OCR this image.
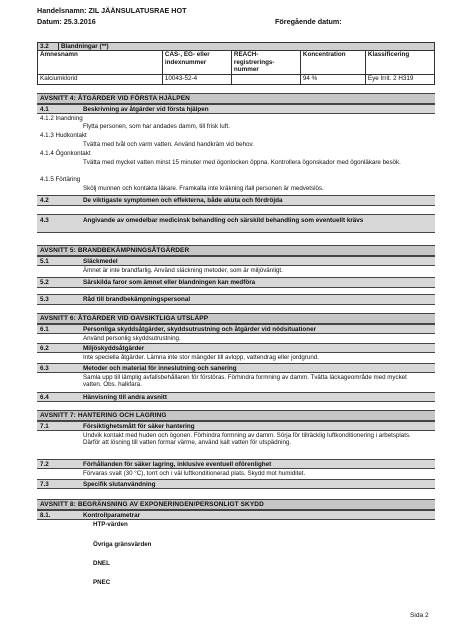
Handelsnamn: ZIL JÄÄNSULATUSRAE HOT
Datum: 25.3.2016	Föregående datum:
3.2	Blandningar (**)				
Ämnesnamn		CAS-, EG- eller indexnummer	REACH-registrerings-nummer	Koncentration	Klassificering
Kalciumklorid		10043-52-4		94 %	Eye Irrit. 2 H319
AVSNITT 4: ÅTGÄRDER VID FÖRSTA HJÄLPEN
4.1	Beskrivning av åtgärder vid första hjälpen
4.1.2 Inandning
Flytta personen, som har andades damm, till frisk luft.
4.1.3 Hudkontakt
Tvätta med tvål och varm vatten. Använd handkräm vid behov.
4.1.4 Ögonkontakt
Tvätta med mycket vatten minst 15 minuter med ögonlocken öppna. Kontrollera ögonskador med ögonläkare besök.
4.1.5 Förtäring
Skölj munnen och kontakta läkare. Framkalla inte kräkning ifall personen är medvetslös.
4.2	De viktigaste symptomen och effekterna, både akuta och fördröjda
4.3	Angivande av omedelbar medicinsk behandling och särskild behandling som eventuellt krävs
AVSNITT 5: BRANDBEKÄMPNINGSÅTGÄRDER
5.1	Släckmedel
Ämnet är inte brandfarlig. Använd släckning metoder, som är miljövänligt.
5.2	Särskilda faror som ämnet eller blandningen kan medföra
5.3	Råd till brandbekämpningspersonal
AVSNITT 6: ÅTGÄRDER VID OAVSIKTLIGA UTSLÄPP
6.1	Personliga skyddsåtgärder, skyddsutrustning och åtgärder vid nödsituationer
Använd personlig skyddsutrustning.
6.2	Miljöskyddsåtgärder
Inte speciella åtgärder. Lämna inte stor mängder till avlopp, vattendrag eller jordgrund.
6.3	Metoder och material för inneslutning och sanering
Samla upp till lämplig avfallsbehållaren för förstöras. Förhindra formning av damm. Tvätta läckageområde med mycket vatten. Obs. halkfara.
6.4	Hänvisning till andra avsnitt
AVSNITT 7: HANTERING OCH LAGRING
7.1	Försiktighetsmått för säker hantering
Undvik kontakt med huden och ögonen. Förhindra formning av damm. Sörja för tillräcklig luftkonditionering i arbetsplats. Därför att lösning till vatten formar värme, använd kalt vatten för utspädning.
7.2	Förhållanden för säker lagring, inklusive eventuell oförenlighet
Förvaras svalt (30 °C), torrt och i väl luftkonditionerad plats. Skydd mot humiditet.
7.3	Specifik slutanvändning
AVSNITT 8: BEGRÄNSNING AV EXPONERINGEN/PERSONLIGT SKYDD
8.1.	Kontrollparametrar
HTP-värden
Övriga gränsvärden
DNEL
PNEC
Sida 2
